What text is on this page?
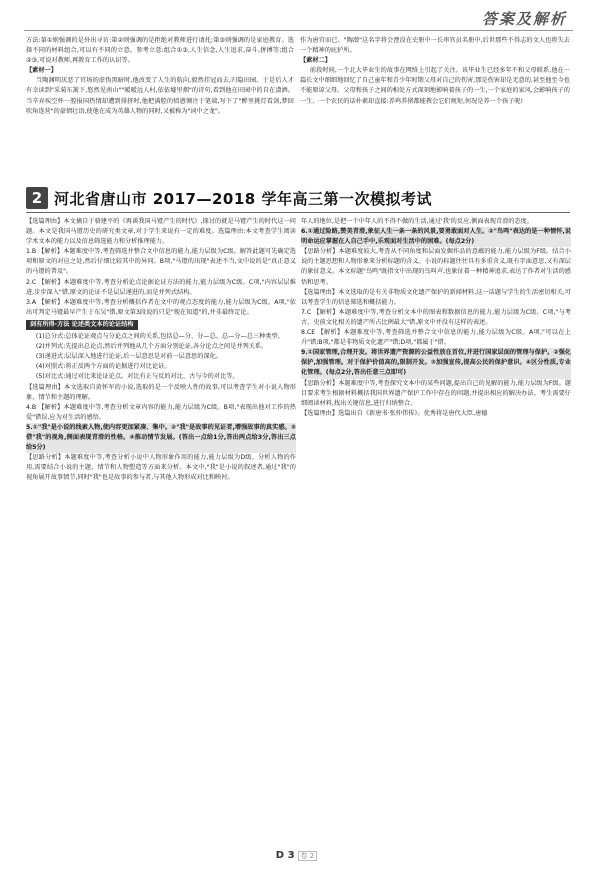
答案及解析

方法:第①则强调的是外出寻访:第②则强调的是拒绝对教师进行请托;第③则强调的是家庭教育。选择不同的材料组合,可以有不同的立意。参考立意:组合①③,人生信念,人生追求,奋斗,拼搏等;组合②③,可说对教师,再教育工作的认识等。

【素材一】

当陶渊明厌恶了官场的虚伪黑暗时,他改变了人生的航向,毅然挂冠而去,归隐田园。于是后人才有幸读到"采菊东篱下,悠然见南山""暧暧远人村,依依墟里烟"的诗句,看到他在田园中的自在潇洒。当辛弃疾空怀一腔报国热情却遭到排挤时,他把满腔的愤懑倾注于笔端,写下了"醉里挑灯看剑,梦回吹角连营"的豪情壮语,使他在成为英雄人物的同时,又被称为"词中之龙"。

作为唐宫而已。"陶潜"这名字将会湮没在史册中一长串官员名册中,后世那些不得志的文人也将失去一个精神的庇护所。

【素材二】

前段时间,一个北大毕业生的故事在网络上引起了关注。该毕业生已经多年不和父母联系,他在一篇长文中细细地回忆了自己童年和青少年时期父母对自己的伤害,那是伤害却是无意的,甚至他至今也不能原谅父母。父母和孩子之间的相处方式深刻地影响着孩子的一生,一个家庭的家风,会影响孩子的一生。一个农民的话朴素却直接:养鸡养猪都能教会它们规矩,何况是养一个孩子呢!

2 河北省唐山市 2017—2018 学年高三第一次模拟考试

【选篇理由】本文摘自于骆建平的《再谈我国马镫产生的时代》,探讨的就是马镫产生的时代这一问题。本文是我国马镫历史的研究类文章,对于学生来说有一定的难度。选篇理由:本文考查学生阅读学术文本的能力以及信息筛选能力和分析推理能力。

1.B 【解析】本题难度中等,考查筛选并整合文中信息的能力,能力层级为C级。解答此题可先确定选项和原文的对应之处,然后仔细比较其中的异同。B项,"马镫的出现"表述不当,文中说的是"真正意义的马镫的普及"。

2.C 【解析】本题难度中等,考查分析论点论据论证方法的能力,能力层级为C级。C项,"内容层层推进,步步深入"错,原文的论证不是层层递进的,而是并列式结构。

3.A 【解析】本题难度中等,考查分析概括作者在文中的观点态度的能力,能力层级为C级。A项,"依出可判定马镫最早产生于东吴"错,原文第3段说的只是"现在知道"的,并非最终定论。

剑有所得·方法 论述类文本的论证结构

(1)总分式:总体论证观点与分论点之间的关系,包括总—分、分—总、总—分—总三种类型。

(2)并列式:先提出总论点,然后并列地从几个方面分别论证,各分论点之间是并列关系。

(3)递进式:层层深入地进行论证,后一层意思是对前一层意思的深化。

(4)对照式:将正反两个方面的论据进行对比论证。

(5)对比式:通过对比来论证论点。对比有正与反的对比、古与今的对比等。

【选篇理由】本文选取自黄怀军的小说,选取的是一个反映人性的故事,可以考查学生对小说人物形象、情节和主题的理解。

4.B 【解析】本题难度中等,考查分析文章内容的能力,能力层级为C级。B项,"表现出他对工作的热爱"错误,应为对生活的感悟。

5.①"我"是小说的线索人物,使内容更加紧凑、集中。②"我"是故事的见证者,增强故事的真实感。③借"我"的视角,侧面表现青滑的性格。④推动情节发展。(答出一点给1分,答出两点给3分,答出三点给5分)

【思路分析】本题难度中等,考查分析小说中人物形象作用的能力,能力层级为D级。分析人物的作用,需要结合小说的主题、情节和人物塑造等方面来分析。本文中,"我"是小说的叙述者,通过"我"的视角展开故事情节,同时"我"也是故事的参与者,与其他人物形成对比和映衬。

年人的地位,是把一个中年人的不得不做的生活,通过'我'的反应,侧面表现青滑的态度。

6.①通过险路,赞美青滑,象征人生一条一条的风景,要勇敢面对人生。②"鸟鸣"表达的是一种情怀,说明命运应掌握在人自己手中,乐观面对生活中的困难。(每点2分)

【思路分析】本题难度较大,考查从不同角度和层面发掘作品的意蕴的能力,能力层级为F级。结合小说的主题思想和人物形象来分析标题的含义。小说的标题往往具有多重含义,既有字面意思,又有深层的象征意义。本文标题"鸟鸣"既指文中出现的鸟叫声,也象征着一种精神追求,表达了作者对生活的感悟和思考。

【选篇理由】本文选取的是有关非物质文化遗产保护的新闻材料,这一话题与学生的生活密切相关,可以考查学生的信息筛选和概括能力。

7.C 【解析】本题难度中等,考查分析文本中的图表和数据信息的能力,能力层级为C级。C项,"与考古、史前文化相关的遗产所占比例最大"错,原文中并没有这样的表述。

8.CE 【解析】本题难度中等,考查筛选并整合文中信息的能力,能力层级为C级。A项,"可以在上升"错;B项,"都是非物质文化遗产"错;D项,"都属于"错。

9.①国家管理,合理开发。将世界遗产资源的公益性放在首位,并进行国家层面的管理与保护。②强化保护,加强管理。对于保护价值高的,限制开发。③加强宣传,提高公民的保护意识。④区分性质,专业化管理。(每点2分,答出任意三点即可)

【思路分析】本题难度中等,考查探究文本中的某些问题,提出自己的见解的能力,能力层级为F级。题目要求考生根据材料概括我国世界遗产保护工作中存在的问题,并提出相应的解决办法。考生需要仔细阅读材料,找出关键信息,进行归纳整合。

【选篇理由】选篇出自《新唐书·张仲伟传》。优秀将是唐代大臣,唐德

D 3 卷 2
